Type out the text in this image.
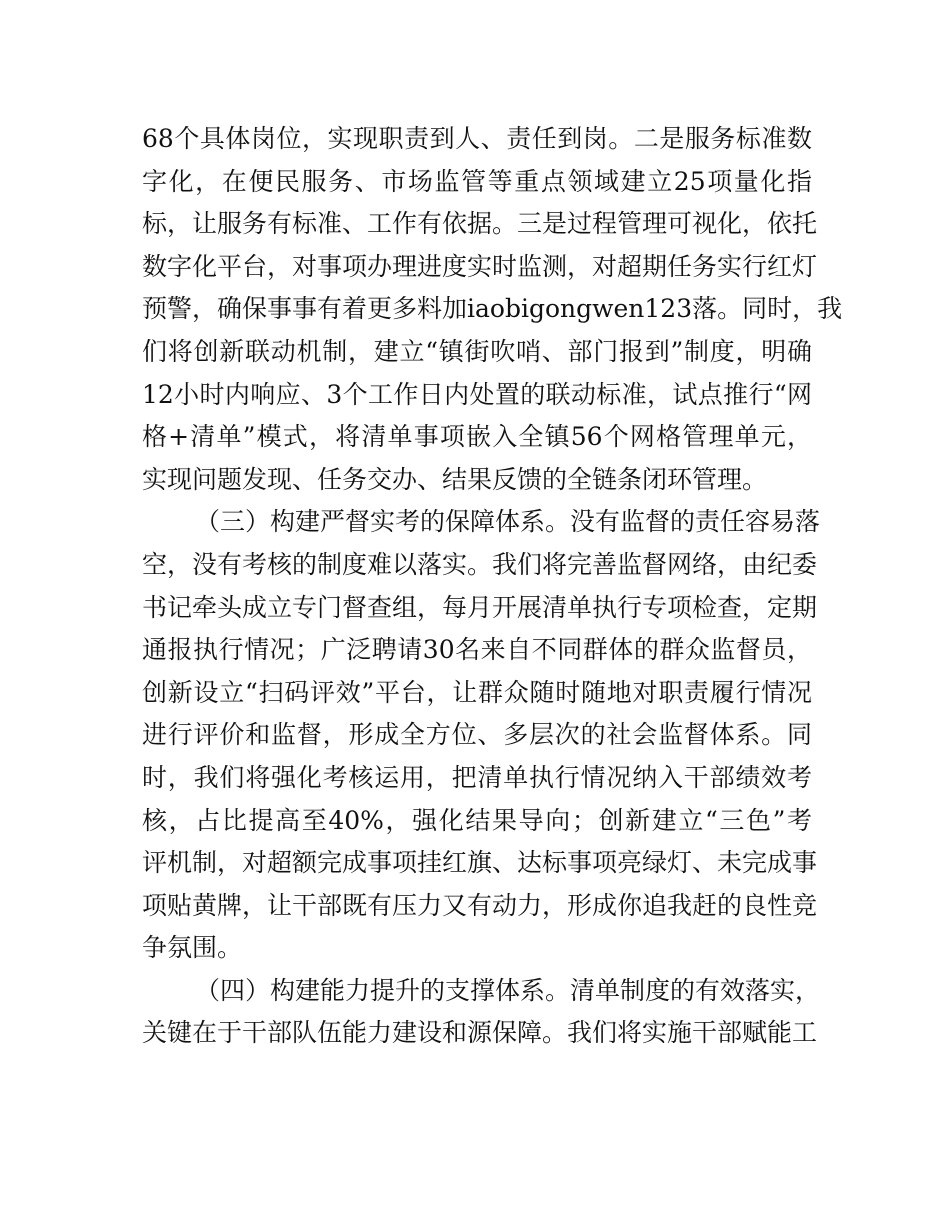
68个具体岗位，实现职责到人、责任到岗。二是服务标准数
字化，在便民服务、市场监管等重点领域建立25项量化指
标，让服务有标准、工作有依据。三是过程管理可视化，依托
数字化平台，对事项办理进度实时监测，对超期任务实行红灯
预警，确保事事有着更多料加iaobigongwen123落。同时，我
们将创新联动机制，建立“镇街吹哨、部门报到”制度，明确
12小时内响应、3个工作日内处置的联动标准，试点推行“网
格+清单”模式，将清单事项嵌入全镇56个网格管理单元，
实现问题发现、任务交办、结果反馈的全链条闭环管理。

（三）构建严督实考的保障体系。没有监督的责任容易落
空，没有考核的制度难以落实。我们将完善监督网络，由纪委
书记牵头成立专门督查组，每月开展清单执行专项检查，定期
通报执行情况；广泛聘请30名来自不同群体的群众监督员，
创新设立“扫码评效”平台，让群众随时随地对职责履行情况
进行评价和监督，形成全方位、多层次的社会监督体系。同
时，我们将强化考核运用，把清单执行情况纳入干部绩效考
核，占比提高至40%，强化结果导向；创新建立“三色”考
评机制，对超额完成事项挂红旗、达标事项亮绿灯、未完成事
项贴黄牌，让干部既有压力又有动力，形成你追我赶的良性竞
争氛围。

（四）构建能力提升的支撑体系。清单制度的有效落实，
关键在于干部队伍能力建设和源保障。我们将实施干部赋能工
